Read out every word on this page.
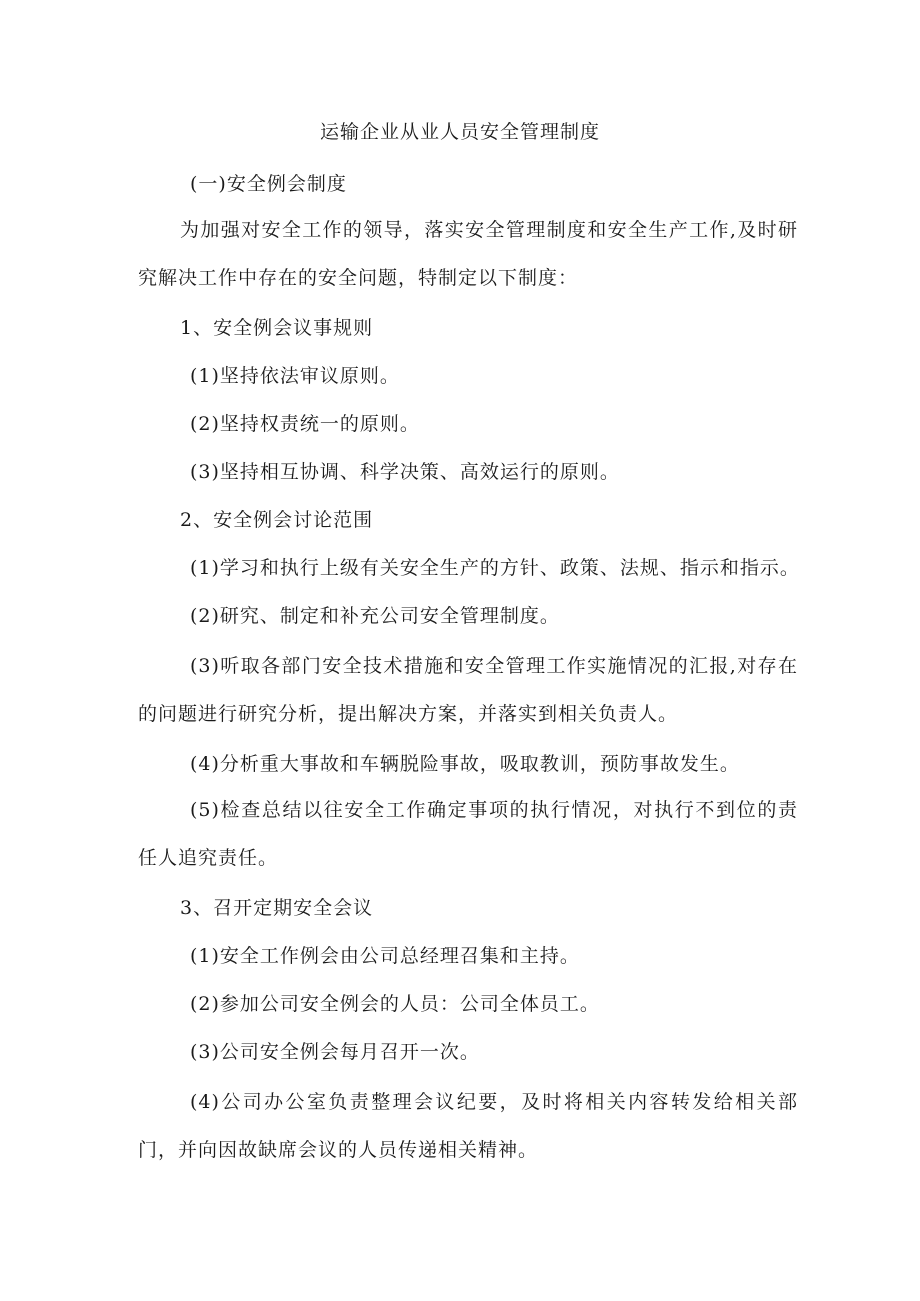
运输企业从业人员安全管理制度
(一)安全例会制度

为加强对安全工作的领导，落实安全管理制度和安全生产工作,及时研究解决工作中存在的安全问题，特制定以下制度：

1、安全例会议事规则
(1)坚持依法审议原则。
(2)坚持权责统一的原则。
(3)坚持相互协调、科学决策、高效运行的原则。
2、安全例会讨论范围
(1)学习和执行上级有关安全生产的方针、政策、法规、指示和指示。
(2)研究、制定和补充公司安全管理制度。

(3)听取各部门安全技术措施和安全管理工作实施情况的汇报,对存在的问题进行研究分析，提出解决方案，并落实到相关负责人。

(4)分析重大事故和车辆脱险事故，吸取教训，预防事故发生。

(5)检查总结以往安全工作确定事项的执行情况，对执行不到位的责任人追究责任。

3、召开定期安全会议
(1)安全工作例会由公司总经理召集和主持。
(2)参加公司安全例会的人员：公司全体员工。
(3)公司安全例会每月召开一次。

(4)公司办公室负责整理会议纪要，及时将相关内容转发给相关部门，并向因故缺席会议的人员传递相关精神。
